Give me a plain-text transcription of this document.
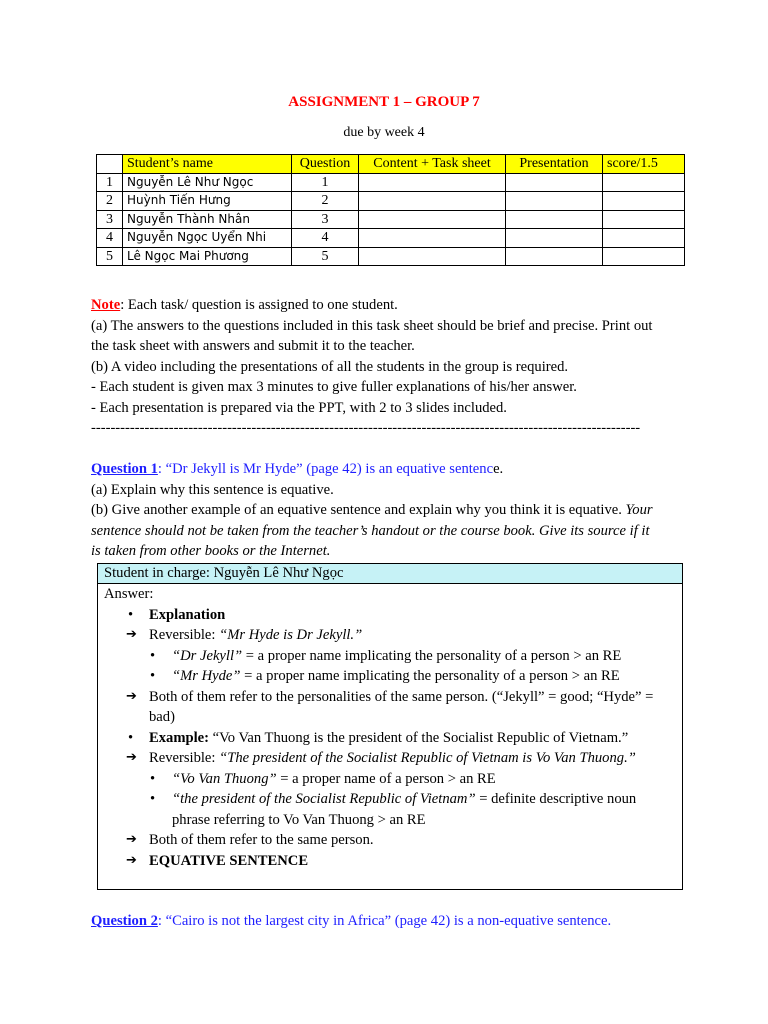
ASSIGNMENT 1 – GROUP 7
due by week 4
	Student’s name	Question	Content + Task sheet	Presentation	score/1.5
1	Nguyễn Lê Như Ngọc	1			
2	Huỳnh Tiến Hưng	2			
3	Nguyễn Thành Nhân	3			
4	Nguyễn Ngọc Uyển Nhi	4			
5	Lê Ngọc Mai Phương	5			
Note: Each task/ question is assigned to one student.
(a) The answers to the questions included in this task sheet should be brief and precise. Print out
the task sheet with answers and submit it to the teacher.
(b) A video including the presentations of all the students in the group is required.
- Each student is given max 3 minutes to give fuller explanations of his/her answer.
- Each presentation is prepared via the PPT, with 2 to 3 slides included.
-----------------------------------------------------------------------------------------------------------------
Question 1: “Dr Jekyll is Mr Hyde” (page 42) is an equative sentence.
(a) Explain why this sentence is equative.
(b) Give another example of an equative sentence and explain why you think it is equative. Your
sentence should not be taken from the teacher’s handout or the course book. Give its source if it
is taken from other books or the Internet.
Student in charge: Nguyễn Lê Như Ngọc
Answer:
• Explanation
➔ Reversible: “Mr Hyde is Dr Jekyll.”
• “Dr Jekyll” = a proper name implicating the personality of a person > an RE
• “Mr Hyde” = a proper name implicating the personality of a person > an RE
➔ Both of them refer to the personalities of the same person. (“Jekyll” = good; “Hyde” =
bad)
• Example: “Vo Van Thuong is the president of the Socialist Republic of Vietnam.”
➔ Reversible: “The president of the Socialist Republic of Vietnam is Vo Van Thuong.”
• “Vo Van Thuong” = a proper name of a person > an RE
• “the president of the Socialist Republic of Vietnam” = definite descriptive noun
phrase referring to Vo Van Thuong > an RE
➔ Both of them refer to the same person.
➔ EQUATIVE SENTENCE
Question 2: “Cairo is not the largest city in Africa” (page 42) is a non-equative sentence.
